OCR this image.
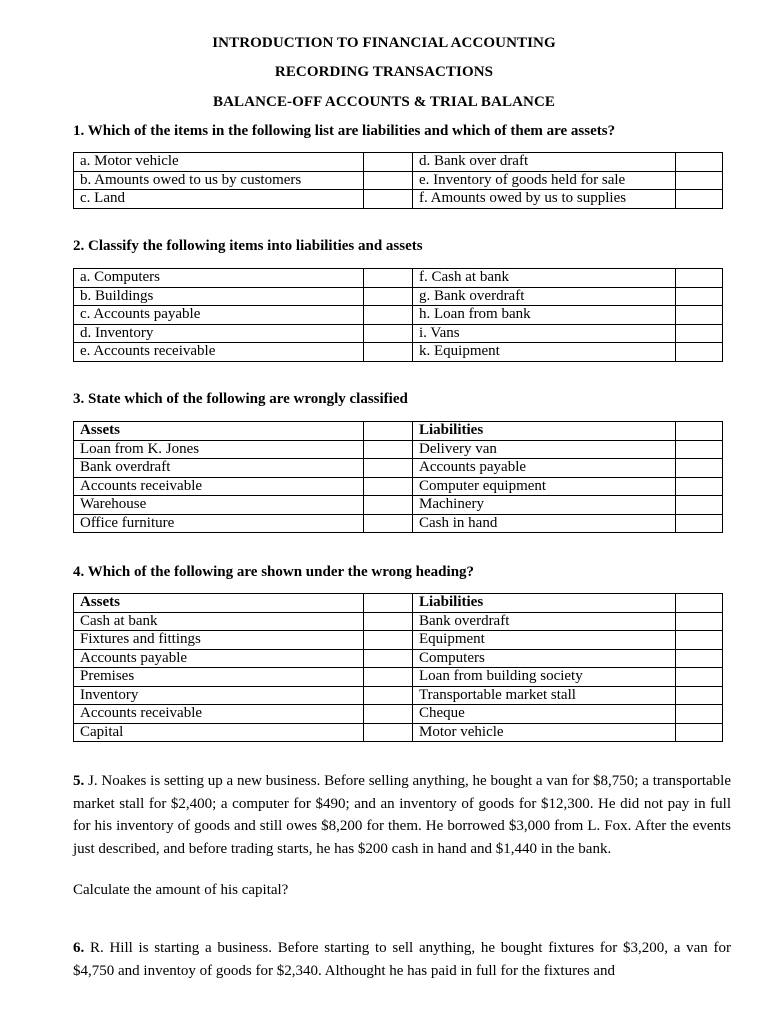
INTRODUCTION TO FINANCIAL ACCOUNTING
RECORDING TRANSACTIONS
BALANCE-OFF ACCOUNTS & TRIAL BALANCE
1. Which of the items in the following list are liabilities and which of them are assets?
a. Motor vehicle		d. Bank over draft	
b. Amounts owed to us by customers		e. Inventory of goods held for sale	
c. Land		f. Amounts owed by us to supplies	
2. Classify the following items into liabilities and assets
a. Computers		f. Cash at bank	
b. Buildings		g. Bank overdraft	
c. Accounts payable		h. Loan from bank	
d. Inventory		i. Vans	
e. Accounts receivable		k. Equipment	
3. State which of the following are wrongly classified
Assets		Liabilities	
Loan from K. Jones		Delivery van	
Bank overdraft		Accounts payable	
Accounts receivable		Computer equipment	
Warehouse		Machinery	
Office furniture		Cash in hand	
4. Which of the following are shown under the wrong heading?
Assets		Liabilities	
Cash at bank		Bank overdraft	
Fixtures and fittings		Equipment	
Accounts payable		Computers	
Premises		Loan from building society	
Inventory		Transportable market stall	
Accounts receivable		Cheque	
Capital		Motor vehicle	
5. J. Noakes is setting up a new business. Before selling anything, he bought a van for $8,750; a transportable market stall for $2,400; a computer for $490; and an inventory of goods for $12,300. He did not pay in full for his inventory of goods and still owes $8,200 for them. He borrowed $3,000 from L. Fox. After the events just described, and before trading starts, he has $200 cash in hand and $1,440 in the bank.
Calculate the amount of his capital?
6. R. Hill is starting a business. Before starting to sell anything, he bought fixtures for $3,200, a van for $4,750 and inventoy of goods for $2,340. Althought he has paid in full for the fixtures and
